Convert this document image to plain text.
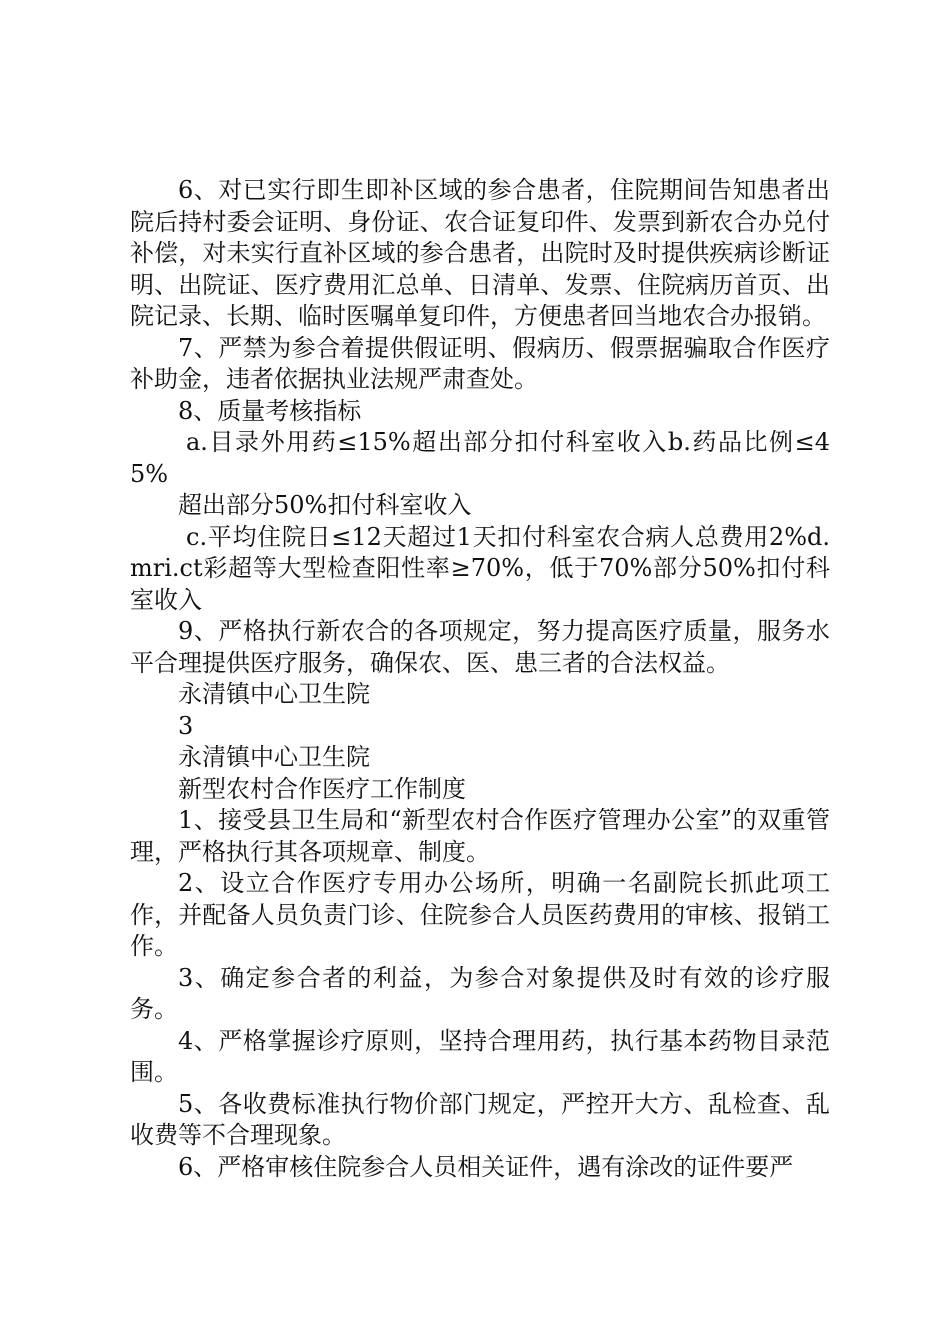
6、对已实行即生即补区域的参合患者，住院期间告知患者出院后持村委会证明、身份证、农合证复印件、发票到新农合办兑付补偿，对未实行直补区域的参合患者，出院时及时提供疾病诊断证明、出院证、医疗费用汇总单、日清单、发票、住院病历首页、出院记录、长期、临时医嘱单复印件，方便患者回当地农合办报销。

7、严禁为参合着提供假证明、假病历、假票据骗取合作医疗补助金，违者依据执业法规严肃查处。

8、质量考核指标

a.目录外用药≤15%超出部分扣付科室收入b.药品比例≤45%

超出部分50%扣付科室收入

c.平均住院日≤12天超过1天扣付科室农合病人总费用2%d.mri.ct彩超等大型检查阳性率≥70%，低于70%部分50%扣付科室收入

9、严格执行新农合的各项规定，努力提高医疗质量，服务水平合理提供医疗服务，确保农、医、患三者的合法权益。

永清镇中心卫生院

3

永清镇中心卫生院

新型农村合作医疗工作制度

1、接受县卫生局和“新型农村合作医疗管理办公室”的双重管理，严格执行其各项规章、制度。

2、设立合作医疗专用办公场所，明确一名副院长抓此项工作，并配备人员负责门诊、住院参合人员医药费用的审核、报销工作。

3、确定参合者的利益，为参合对象提供及时有效的诊疗服务。

4、严格掌握诊疗原则，坚持合理用药，执行基本药物目录范围。

5、各收费标准执行物价部门规定，严控开大方、乱检查、乱收费等不合理现象。

6、严格审核住院参合人员相关证件，遇有涂改的证件要严
